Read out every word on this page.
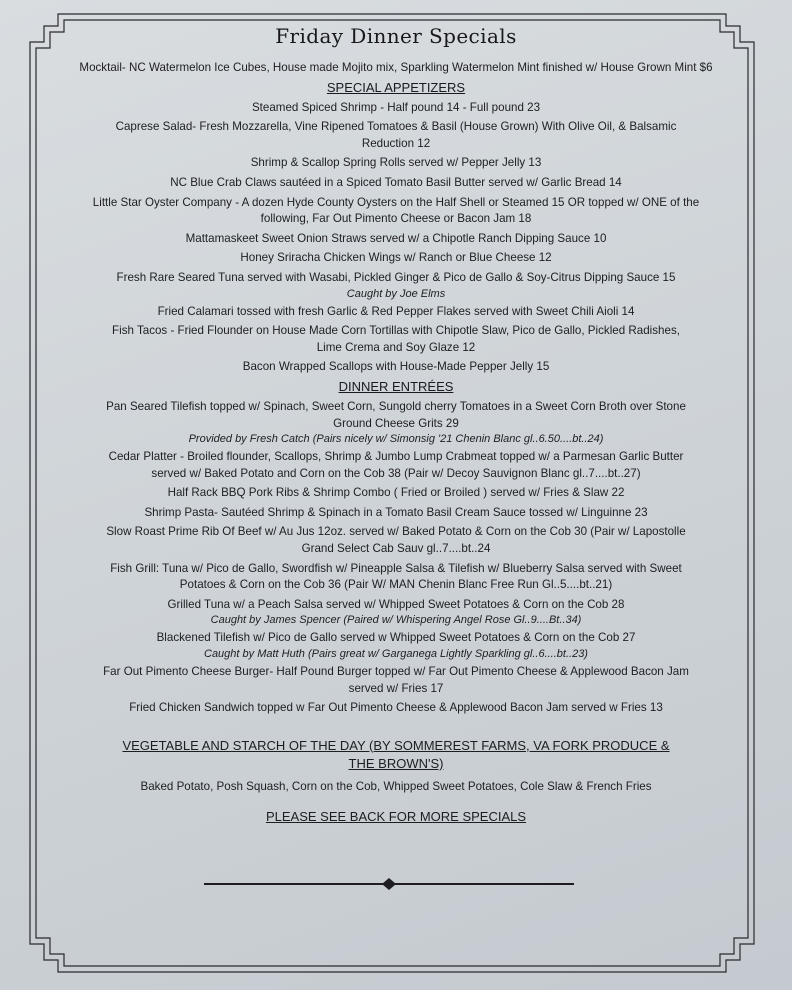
Friday Dinner Specials

Mocktail- NC Watermelon Ice Cubes, House made Mojito mix, Sparkling Watermelon Mint finished w/ House Grown Mint $6

SPECIAL APPETIZERS

Steamed Spiced Shrimp - Half pound 14 - Full pound 23

Caprese Salad- Fresh Mozzarella, Vine Ripened Tomatoes & Basil (House Grown) With Olive Oil, & Balsamic Reduction 12

Shrimp & Scallop Spring Rolls served w/ Pepper Jelly 13

NC Blue Crab Claws sautéed in a Spiced Tomato Basil Butter served w/ Garlic Bread 14

Little Star Oyster Company - A dozen Hyde County Oysters on the Half Shell or Steamed 15 OR topped w/ ONE of the following, Far Out Pimento Cheese or Bacon Jam 18

Mattamaskeet Sweet Onion Straws served w/ a Chipotle Ranch Dipping Sauce 10

Honey Sriracha Chicken Wings w/ Ranch or Blue Cheese 12

Fresh Rare Seared Tuna served with Wasabi, Pickled Ginger & Pico de Gallo & Soy-Citrus Dipping Sauce 15

Caught by Joe Elms

Fried Calamari tossed with fresh Garlic & Red Pepper Flakes served with Sweet Chili Aioli 14

Fish Tacos - Fried Flounder on House Made Corn Tortillas with Chipotle Slaw, Pico de Gallo, Pickled Radishes, Lime Crema and Soy Glaze 12

Bacon Wrapped Scallops with House-Made Pepper Jelly 15

DINNER ENTRÉES

Pan Seared Tilefish topped w/ Spinach, Sweet Corn, Sungold cherry Tomatoes in a Sweet Corn Broth over Stone Ground Cheese Grits 29

Provided by Fresh Catch (Pairs nicely w/ Simonsig '21 Chenin Blanc gl..6.50....bt..24)

Cedar Platter - Broiled flounder, Scallops, Shrimp & Jumbo Lump Crabmeat topped w/ a Parmesan Garlic Butter served w/ Baked Potato and Corn on the Cob 38 (Pair w/ Decoy Sauvignon Blanc gl..7....bt..27)

Half Rack BBQ Pork Ribs & Shrimp Combo ( Fried or Broiled ) served w/ Fries & Slaw 22

Shrimp Pasta- Sautéed Shrimp & Spinach in a Tomato Basil Cream Sauce tossed w/ Linguinne 23

Slow Roast Prime Rib Of Beef w/ Au Jus 12oz. served w/ Baked Potato & Corn on the Cob 30 (Pair w/ Lapostolle Grand Select Cab Sauv gl..7....bt..24

Fish Grill: Tuna w/ Pico de Gallo, Swordfish w/ Pineapple Salsa & Tilefish w/ Blueberry Salsa served with Sweet Potatoes & Corn on the Cob 36 (Pair W/ MAN Chenin Blanc Free Run Gl..5....bt..21)

Grilled Tuna w/ a Peach Salsa served w/ Whipped Sweet Potatoes & Corn on the Cob 28

Caught by James Spencer (Paired w/ Whispering Angel Rose Gl..9....Bt..34)

Blackened Tilefish w/ Pico de Gallo served w Whipped Sweet Potatoes & Corn on the Cob 27

Caught by Matt Huth (Pairs great w/ Garganega Lightly Sparkling gl..6....bt..23)

Far Out Pimento Cheese Burger- Half Pound Burger topped w/ Far Out Pimento Cheese & Applewood Bacon Jam served w/ Fries 17

Fried Chicken Sandwich topped w Far Out Pimento Cheese & Applewood Bacon Jam served w Fries 13

VEGETABLE AND STARCH OF THE DAY (BY SOMMEREST FARMS, VA FORK PRODUCE & THE BROWN'S)

Baked Potato, Posh Squash, Corn on the Cob, Whipped Sweet Potatoes, Cole Slaw & French Fries

PLEASE SEE BACK FOR MORE SPECIALS
